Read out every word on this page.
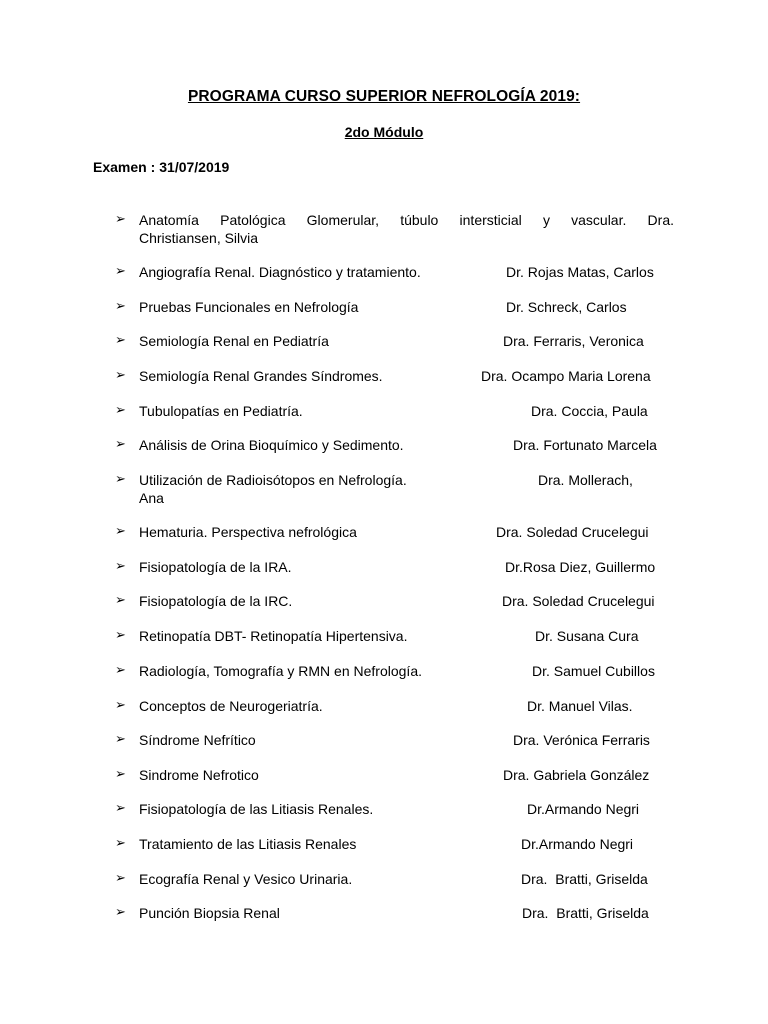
PROGRAMA CURSO SUPERIOR NEFROLOGÍA 2019:
2do Módulo
Examen : 31/07/2019
➢ Anatomía Patológica Glomerular, túbulo intersticial y vascular. Dra.
Christiansen, Silvia
➢ Angiografía Renal. Diagnóstico y tratamiento.	Dr. Rojas Matas, Carlos
➢ Pruebas Funcionales en Nefrología	Dr. Schreck, Carlos
➢ Semiología Renal en Pediatría	Dra. Ferraris, Veronica
➢ Semiología Renal Grandes Síndromes.	Dra. Ocampo Maria Lorena
➢ Tubulopatías en Pediatría.	Dra. Coccia, Paula
➢ Análisis de Orina Bioquímico y Sedimento.	Dra. Fortunato Marcela
➢ Utilización de Radioisótopos en Nefrología.	Dra. Mollerach,
Ana
➢ Hematuria. Perspectiva nefrológica	Dra. Soledad Crucelegui
➢ Fisiopatología de la IRA.	Dr.Rosa Diez, Guillermo
➢ Fisiopatología de la IRC.	Dra. Soledad Crucelegui
➢ Retinopatía DBT- Retinopatía Hipertensiva.	Dr. Susana Cura
➢ Radiología, Tomografía y RMN en Nefrología.	Dr. Samuel Cubillos
➢ Conceptos de Neurogeriatría.	Dr. Manuel Vilas.
➢ Síndrome Nefrítico	Dra. Verónica Ferraris
➢ Sindrome Nefrotico	Dra. Gabriela González
➢ Fisiopatología de las Litiasis Renales.	Dr.Armando Negri
➢ Tratamiento de las Litiasis Renales	Dr.Armando Negri
➢ Ecografía Renal y Vesico Urinaria.	Dra.  Bratti, Griselda
➢ Punción Biopsia Renal	Dra.  Bratti, Griselda
